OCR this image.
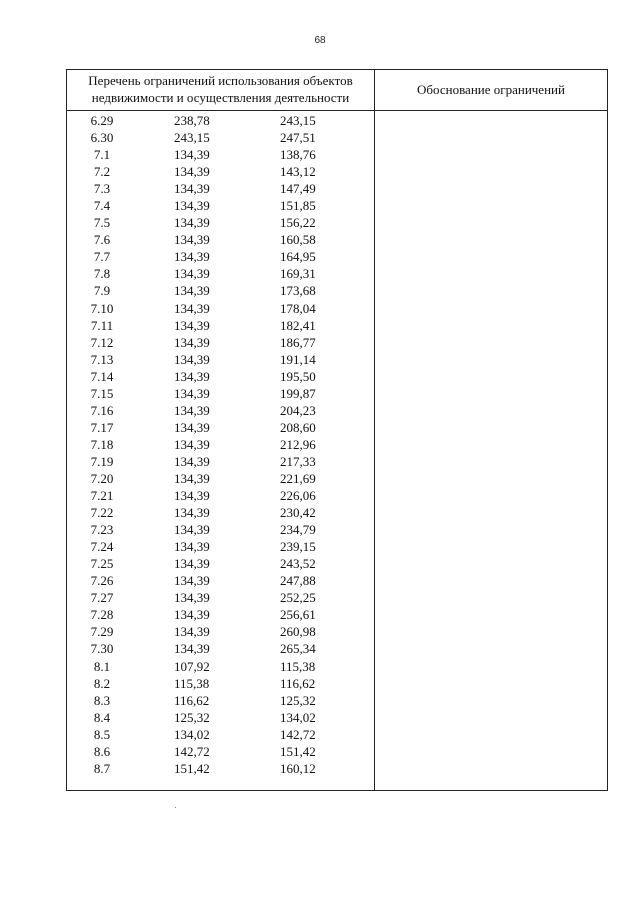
68
Перечень ограничений использования объектов недвижимости и осуществления деятельности
Обоснование ограничений
6.29	238,78	243,15
6.30	243,15	247,51
7.1	134,39	138,76
7.2	134,39	143,12
7.3	134,39	147,49
7.4	134,39	151,85
7.5	134,39	156,22
7.6	134,39	160,58
7.7	134,39	164,95
7.8	134,39	169,31
7.9	134,39	173,68
7.10	134,39	178,04
7.11	134,39	182,41
7.12	134,39	186,77
7.13	134,39	191,14
7.14	134,39	195,50
7.15	134,39	199,87
7.16	134,39	204,23
7.17	134,39	208,60
7.18	134,39	212,96
7.19	134,39	217,33
7.20	134,39	221,69
7.21	134,39	226,06
7.22	134,39	230,42
7.23	134,39	234,79
7.24	134,39	239,15
7.25	134,39	243,52
7.26	134,39	247,88
7.27	134,39	252,25
7.28	134,39	256,61
7.29	134,39	260,98
7.30	134,39	265,34
8.1	107,92	115,38
8.2	115,38	116,62
8.3	116,62	125,32
8.4	125,32	134,02
8.5	134,02	142,72
8.6	142,72	151,42
8.7	151,42	160,12
